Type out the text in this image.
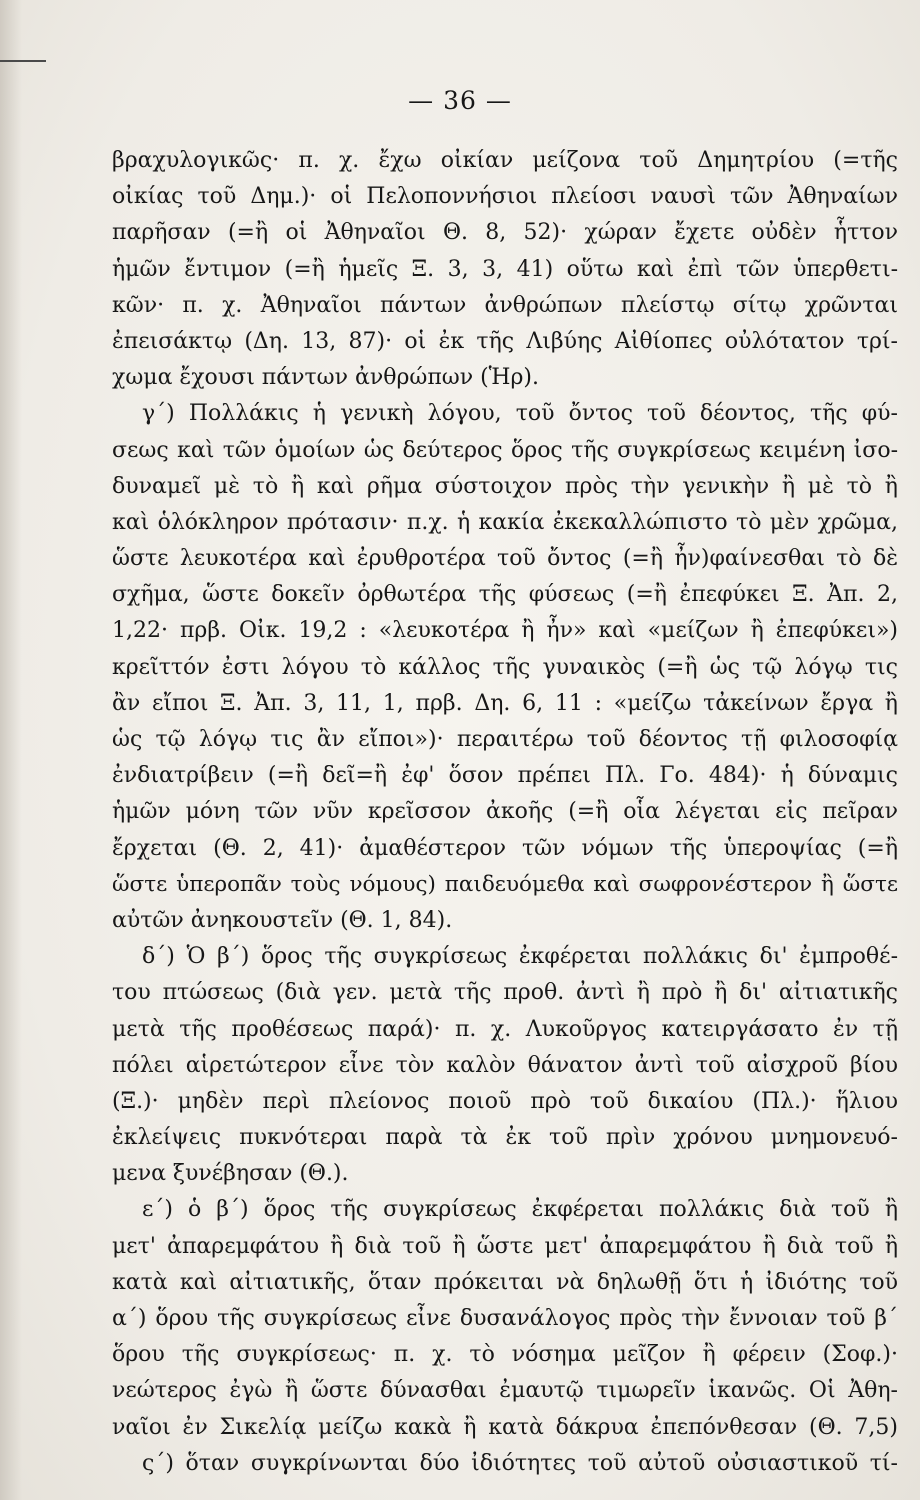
— 36 —
βραχυλογικῶς· π. χ. ἔχω οἰκίαν μείζονα τοῦ Δημητρίου (=τῆς
οἰκίας τοῦ Δημ.)· οἱ Πελοποννήσιοι πλείοσι ναυσὶ τῶν Ἀθηναίων
παρῆσαν (=ἢ οἱ Ἀθηναῖοι Θ. 8, 52)· χώραν ἔχετε οὐδὲν ἧττον
ἡμῶν ἔντιμον (=ἢ ἡμεῖς Ξ. 3, 3, 41) οὕτω καὶ ἐπὶ τῶν ὑπερθετι-
κῶν· π. χ. Ἀθηναῖοι πάντων ἀνθρώπων πλείστῳ σίτῳ χρῶνται
ἐπεισάκτῳ (Δη. 13, 87)· οἱ ἐκ τῆς Λιβύης Αἰθίοπες οὐλότατον τρί-
χωμα ἔχουσι πάντων ἀνθρώπων (Ἡρ).
γ΄) Πολλάκις ἡ γενικὴ λόγου, τοῦ ὄντος τοῦ δέοντος, τῆς φύ-
σεως καὶ τῶν ὁμοίων ὡς δεύτερος ὅρος τῆς συγκρίσεως κειμένη ἰσο-
δυναμεῖ μὲ τὸ ἢ καὶ ρῆμα σύστοιχον πρὸς τὴν γενικὴν ἢ μὲ τὸ ἢ
καὶ ὁλόκληρον πρότασιν· π.χ. ἡ κακία ἐκεκαλλώπιστο τὸ μὲν χρῶμα,
ὥστε λευκοτέρα καὶ ἐρυθροτέρα τοῦ ὄντος (=ἢ ἦν)φαίνεσθαι τὸ δὲ
σχῆμα, ὥστε δοκεῖν ὀρθωτέρα τῆς φύσεως (=ἢ ἐπεφύκει Ξ. Ἀπ. 2,
1,22· πρβ. Οἰκ. 19,2 : «λευκοτέρα ἢ ἦν» καὶ «μείζων ἢ ἐπεφύκει»)
κρεῖττόν ἐστι λόγου τὸ κάλλος τῆς γυναικὸς (=ἢ ὡς τῷ λόγῳ τις
ἂν εἴποι Ξ. Ἀπ. 3, 11, 1, πρβ. Δη. 6, 11 : «μείζω τἀκείνων ἔργα ἢ
ὡς τῷ λόγῳ τις ἂν εἴποι»)· περαιτέρω τοῦ δέοντος τῇ φιλοσοφίᾳ
ἐνδιατρίβειν (=ἢ δεῖ=ἢ ἐφ' ὅσον πρέπει Πλ. Γο. 484)· ἡ δύναμις
ἡμῶν μόνη τῶν νῦν κρεῖσσον ἀκοῆς (=ἢ οἷα λέγεται εἰς πεῖραν
ἔρχεται (Θ. 2, 41)· ἀμαθέστερον τῶν νόμων τῆς ὑπεροψίας (=ἢ
ὥστε ὑπεροπᾶν τοὺς νόμους) παιδευόμεθα καὶ σωφρονέστερον ἢ ὥστε
αὐτῶν ἀνηκουστεῖν (Θ. 1, 84).
δ΄) Ὁ β΄) ὅρος τῆς συγκρίσεως ἐκφέρεται πολλάκις δι' ἐμπροθέ-
του πτώσεως (διὰ γεν. μετὰ τῆς προθ. ἀντὶ ἢ πρὸ ἢ δι' αἰτιατικῆς
μετὰ τῆς προθέσεως παρά)· π. χ. Λυκοῦργος κατειργάσατο ἐν τῇ
πόλει αἱρετώτερον εἶνε τὸν καλὸν θάνατον ἀντὶ τοῦ αἰσχροῦ βίου
(Ξ.)· μηδὲν περὶ πλείονος ποιοῦ πρὸ τοῦ δικαίου (Πλ.)· ἥλιου
ἐκλείψεις πυκνότεραι παρὰ τὰ ἐκ τοῦ πρὶν χρόνου μνημονευό-
μενα ξυνέβησαν (Θ.).
ε΄) ὁ β΄) ὅρος τῆς συγκρίσεως ἐκφέρεται πολλάκις διὰ τοῦ ἢ
μετ' ἀπαρεμφάτου ἢ διὰ τοῦ ἢ ὥστε μετ' ἀπαρεμφάτου ἢ διὰ τοῦ ἢ
κατὰ καὶ αἰτιατικῆς, ὅταν πρόκειται νὰ δηλωθῇ ὅτι ἡ ἰδιότης τοῦ
α΄) ὅρου τῆς συγκρίσεως εἶνε δυσανάλογος πρὸς τὴν ἔννοιαν τοῦ β΄
ὅρου τῆς συγκρίσεως· π. χ. τὸ νόσημα μεῖζον ἢ φέρειν (Σοφ.)·
νεώτερος ἐγὼ ἢ ὥστε δύνασθαι ἐμαυτῷ τιμωρεῖν ἱκανῶς. Οἱ Ἀθη-
ναῖοι ἐν Σικελίᾳ μείζω κακὰ ἢ κατὰ δάκρυα ἐπεπόνθεσαν (Θ. 7,5)
ς΄) ὅταν συγκρίνωνται δύο ἰδιότητες τοῦ αὐτοῦ οὐσιαστικοῦ τί-
